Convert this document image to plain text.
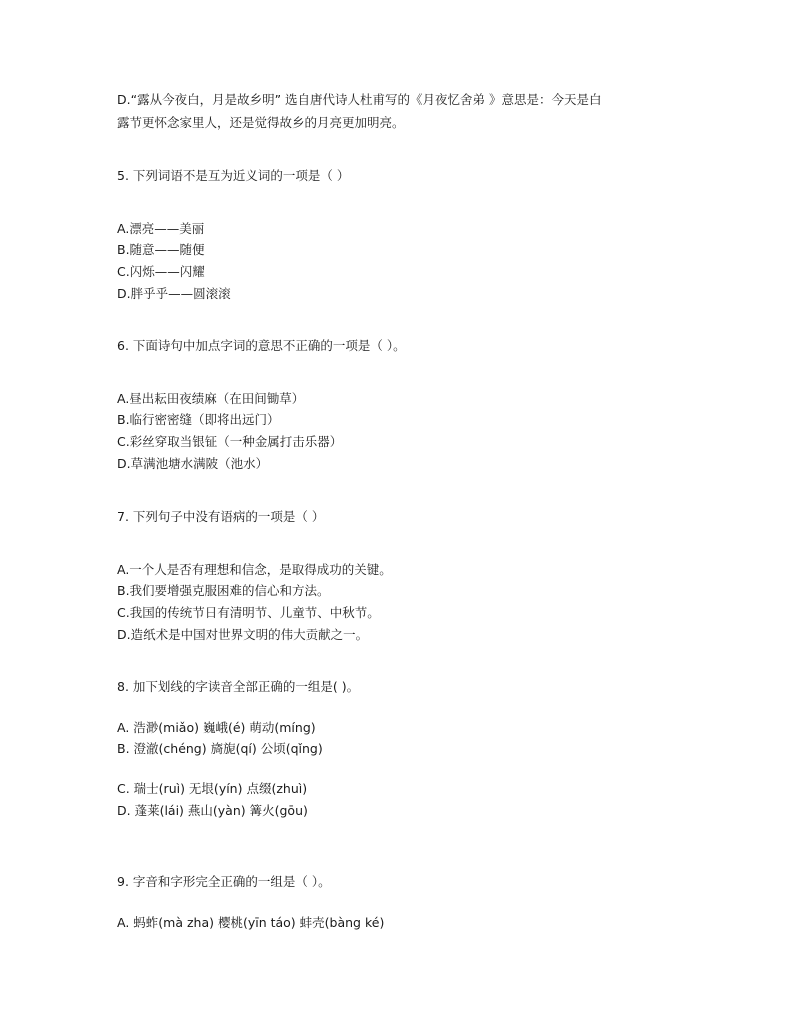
D.“露从今夜白，月是故乡明” 选自唐代诗人杜甫写的《月夜忆舍弟 》意思是：今天是白
露节更怀念家里人，还是觉得故乡的月亮更加明亮。
5. 下列词语不是互为近义词的一项是（ ）
A.漂亮——美丽
B.随意——随便
C.闪烁——闪耀
D.胖乎乎——圆滚滚
6. 下面诗句中加点字词的意思不正确的一项是（ ）。
A.昼出耘田夜绩麻（在田间锄草）
B.临行密密缝（即将出远门）
C.彩丝穿取当银钲（一种金属打击乐器）
D.草满池塘水满陂（池水）
7. 下列句子中没有语病的一项是（ ）
A.一个人是否有理想和信念，是取得成功的关键。
B.我们要增强克服困难的信心和方法。
C.我国的传统节日有清明节、儿童节、中秋节。
D.造纸术是中国对世界文明的伟大贡献之一。
8. 加下划线的字读音全部正确的一组是( )。
A. 浩渺(miǎo) 巍峨(é) 萌动(míng)
B. 澄澈(chéng) 旖旎(qí) 公顷(qǐng)
C. 瑞士(ruì) 无垠(yín) 点缀(zhuì)
D. 蓬莱(lái) 燕山(yàn) 篝火(gōu)
9. 字音和字形完全正确的一组是（ ）。
A. 蚂蚱(mà zha) 樱桃(yīn táo) 蚌壳(bàng ké)
